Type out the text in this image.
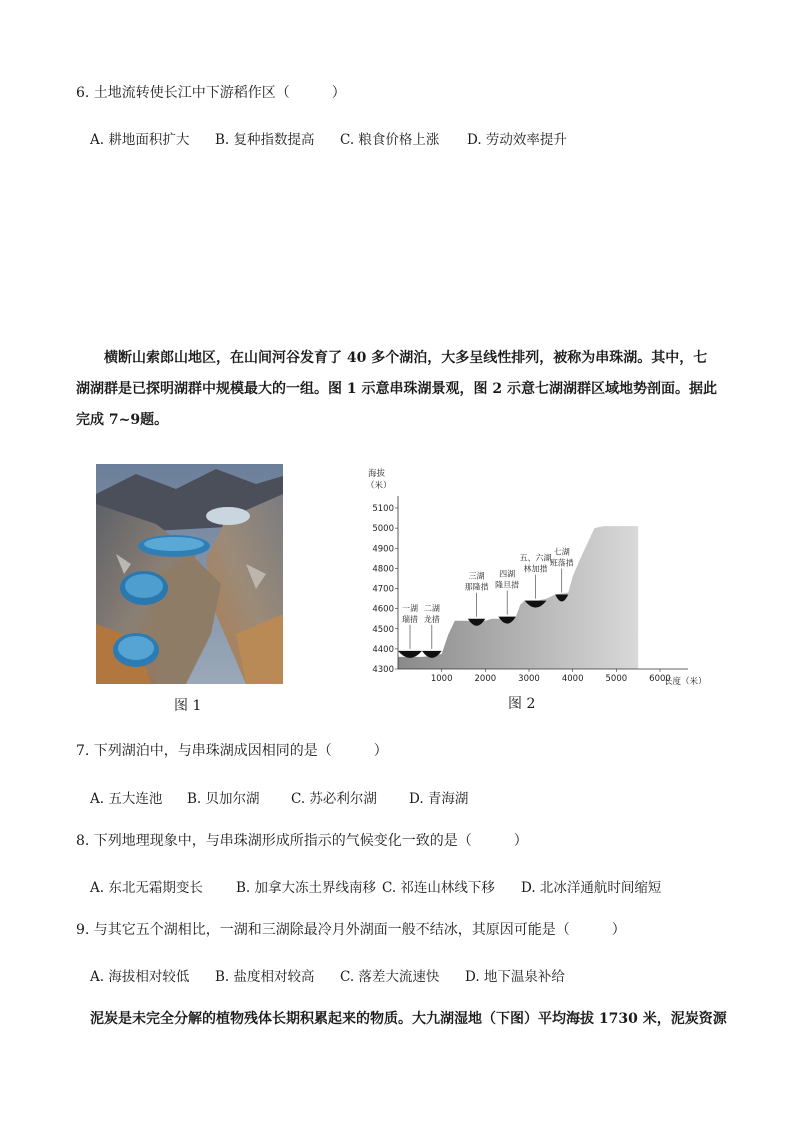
6. 土地流转使长江中下游稻作区（　　　）
A. 耕地面积扩大 B. 复种指数提高 C. 粮食价格上涨 D. 劳动效率提升
横断山索郎山地区，在山间河谷发育了 40 多个湖泊，大多呈线性排列，被称为串珠湖。其中，七湖湖群是已探明湖群中规模最大的一组。图 1 示意串珠湖景观，图 2 示意七湖湖群区域地势剖面。据此完成 7~9题。
图 1
一湖
瑞措
二湖
龙措
三湖
那隆措
四湖
隆旦措
五、六湖
林加措
七湖
班落措
4300
4400
4500
4600
4700
4800
4900
5000
5100
1000	2000	3000	4000	5000	6000
海拔
（米）
长度（米）
图 2
7. 下列湖泊中，与串珠湖成因相同的是（　　　）
A. 五大连池 B. 贝加尔湖 C. 苏必利尔湖 D. 青海湖
8. 下列地理现象中，与串珠湖形成所指示的气候变化一致的是（　　　）
A. 东北无霜期变长 B. 加拿大冻土界线南移 C. 祁连山林线下移 D. 北冰洋通航时间缩短
9. 与其它五个湖相比，一湖和三湖除最冷月外湖面一般不结冰，其原因可能是（　　　）
A. 海拔相对较低 B. 盐度相对较高 C. 落差大流速快 D. 地下温泉补给
泥炭是未完全分解的植物残体长期积累起来的物质。大九湖湿地（下图）平均海拔 1730 米，泥炭资源
